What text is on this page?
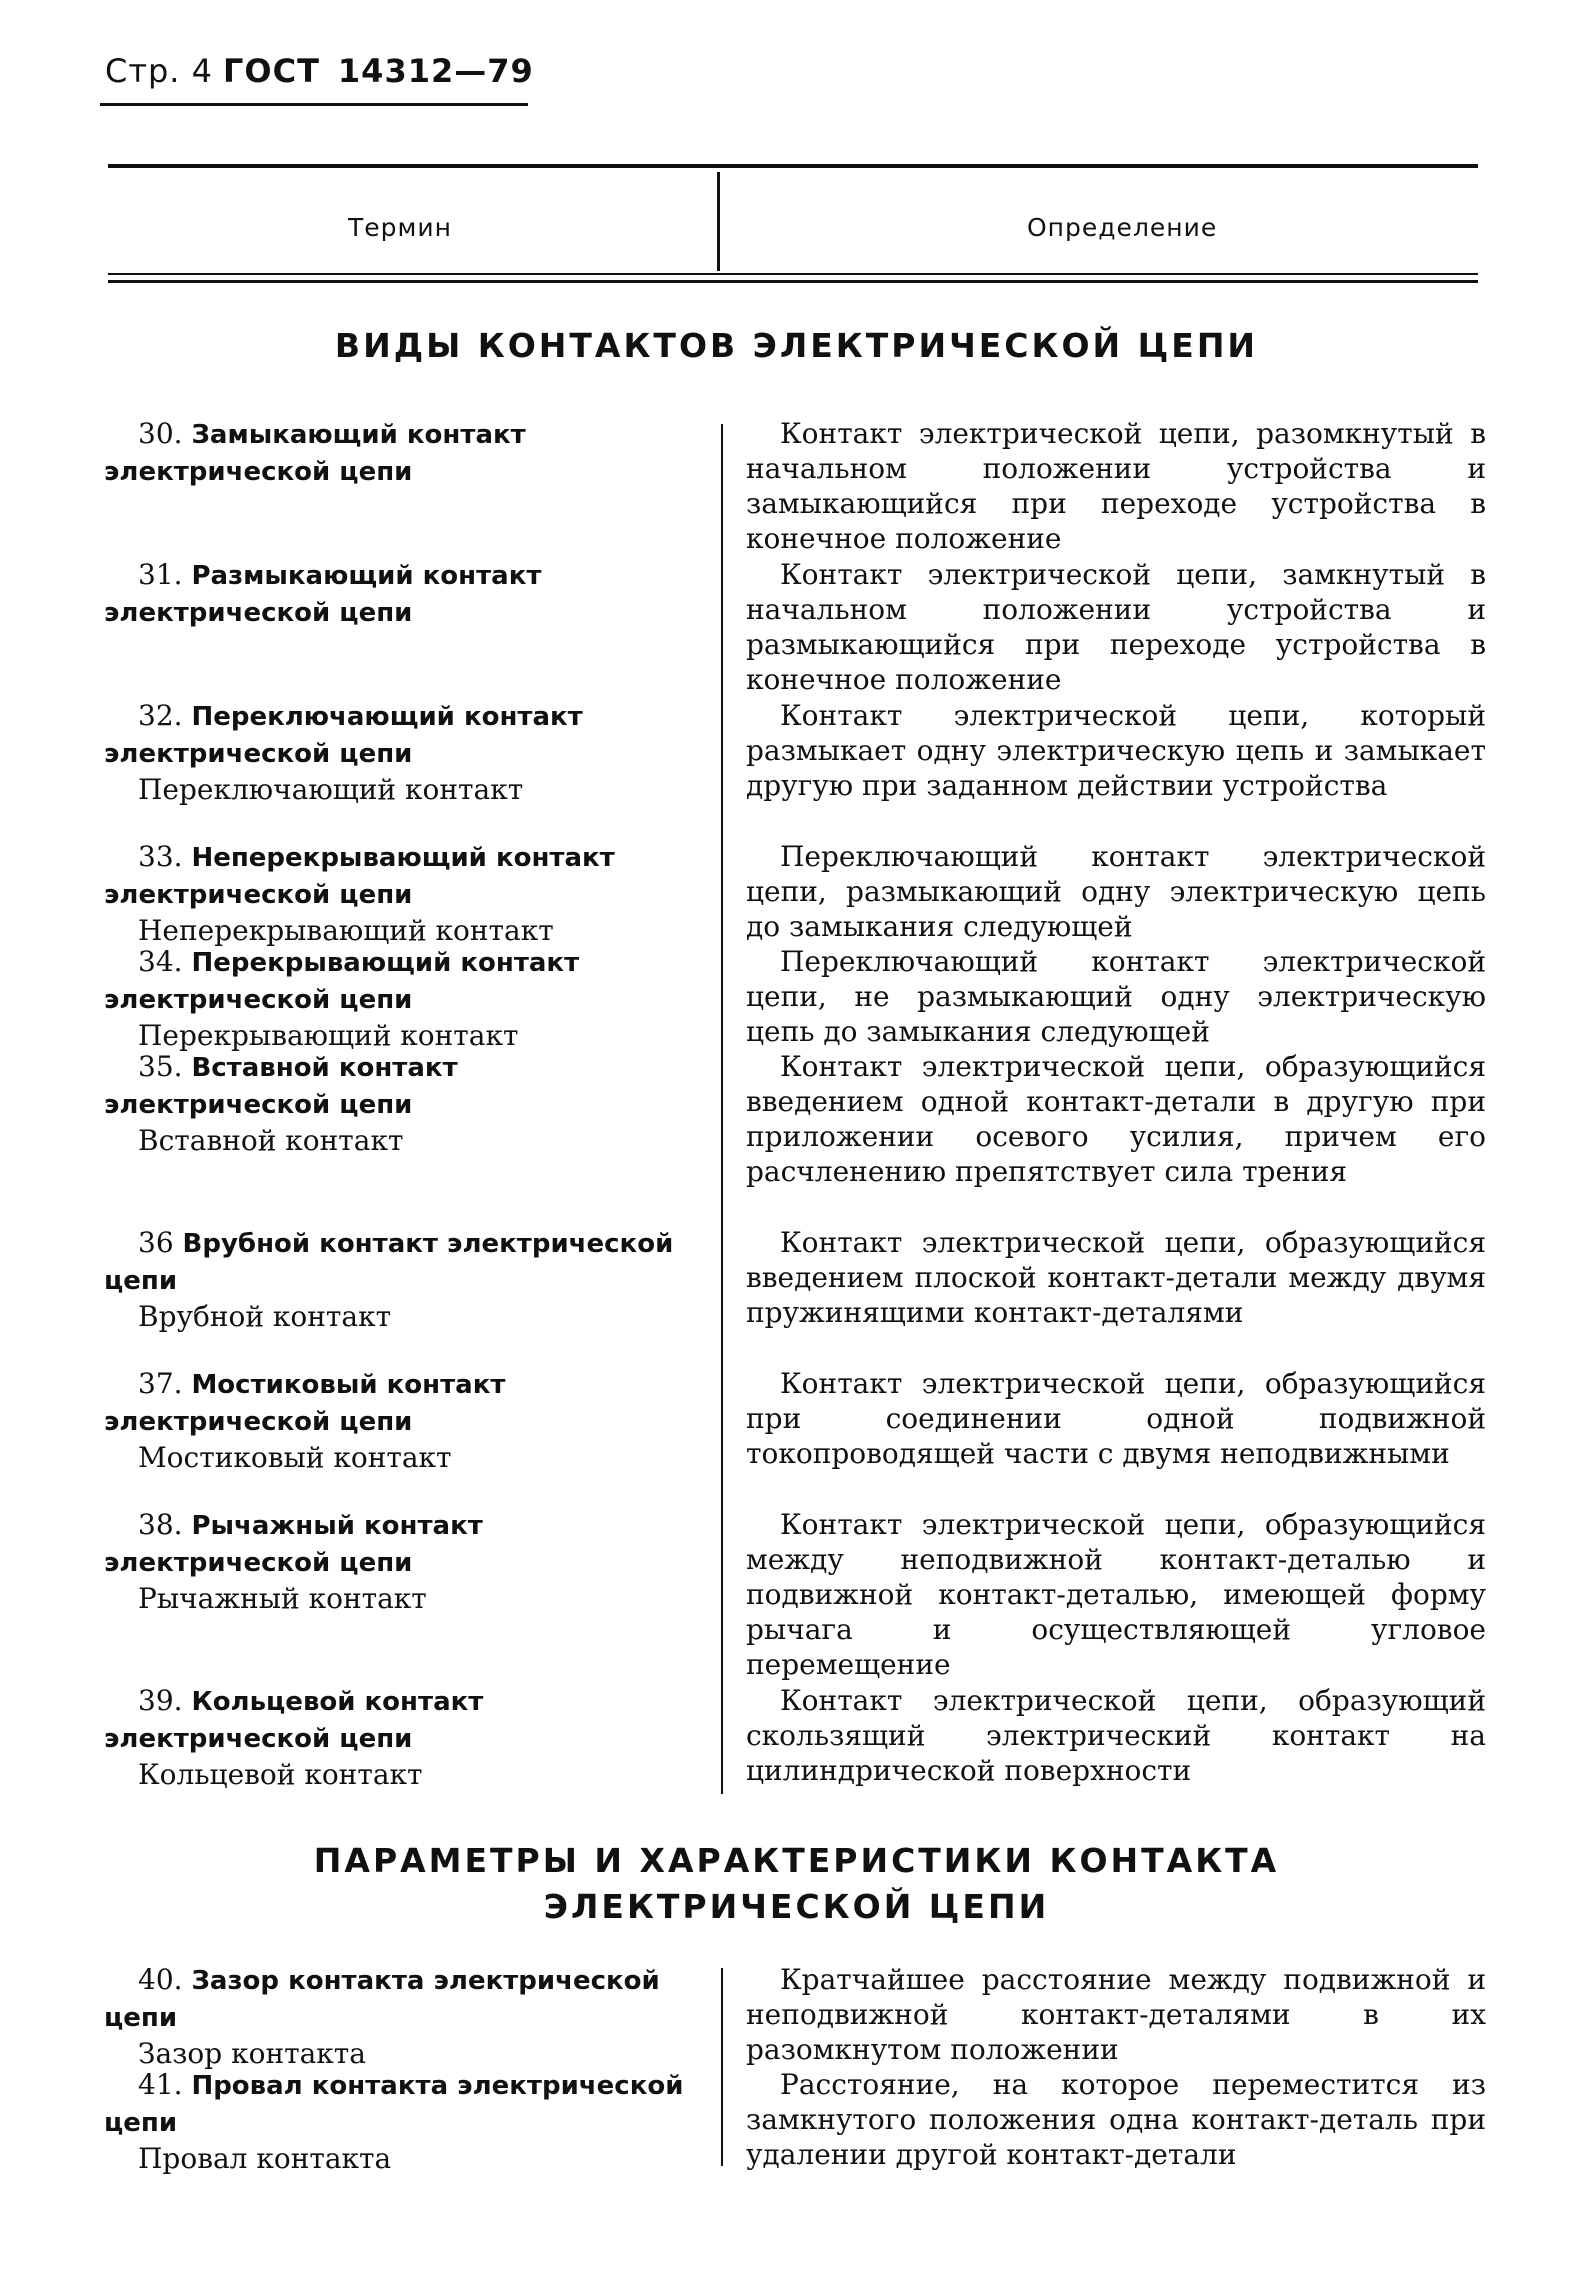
Стр. 4 ГОСТ 14312—79
Термин	Определение
ВИДЫ КОНТАКТОВ ЭЛЕКТРИЧЕСКОЙ ЦЕПИ
30. Замыкающий контакт электрической цепи
Контакт электрической цепи, разомкнутый в начальном положении устройства и замыкающийся при переходе устройства в конечное положение
31. Размыкающий контакт электрической цепи
Контакт электрической цепи, замкнутый в начальном положении устройства и размыкающийся при переходе устройства в конечное положение
32. Переключающий контакт электрической цепи
Переключающий контакт
Контакт электрической цепи, который размыкает одну электрическую цепь и замыкает другую при заданном действии устройства
33. Неперекрывающий контакт электрической цепи
Неперекрывающий контакт
Переключающий контакт электрической цепи, размыкающий одну электрическую цепь до замыкания следующей
34. Перекрывающий контакт электрической цепи
Перекрывающий контакт
Переключающий контакт электрической цепи, не размыкающий одну электрическую цепь до замыкания следующей
35. Вставной контакт электрической цепи
Вставной контакт
Контакт электрической цепи, образующийся введением одной контакт-детали в другую при приложении осевого усилия, причем его расчленению препятствует сила трения
36 Врубной контакт электрической цепи
Врубной контакт
Контакт электрической цепи, образующийся введением плоской контакт-детали между двумя пружинящими контакт-деталями
37. Мостиковый контакт электрической цепи
Мостиковый контакт
Контакт электрической цепи, образующийся при соединении одной подвижной токопроводящей части с двумя неподвижными
38. Рычажный контакт электрической цепи
Рычажный контакт
Контакт электрической цепи, образующийся между неподвижной контакт-деталью и подвижной контакт-деталью, имеющей форму рычага и осуществляющей угловое перемещение
39. Кольцевой контакт электрической цепи
Кольцевой контакт
Контакт электрической цепи, образующий скользящий электрический контакт на цилиндрической поверхности
ПАРАМЕТРЫ И ХАРАКТЕРИСТИКИ КОНТАКТА
ЭЛЕКТРИЧЕСКОЙ ЦЕПИ
40. Зазор контакта электрической цепи
Зазор контакта
Кратчайшее расстояние между подвижной и неподвижной контакт-деталями в их разомкнутом положении
41. Провал контакта электрической цепи
Провал контакта
Расстояние, на которое переместится из замкнутого положения одна контакт-деталь при удалении другой контакт-детали
